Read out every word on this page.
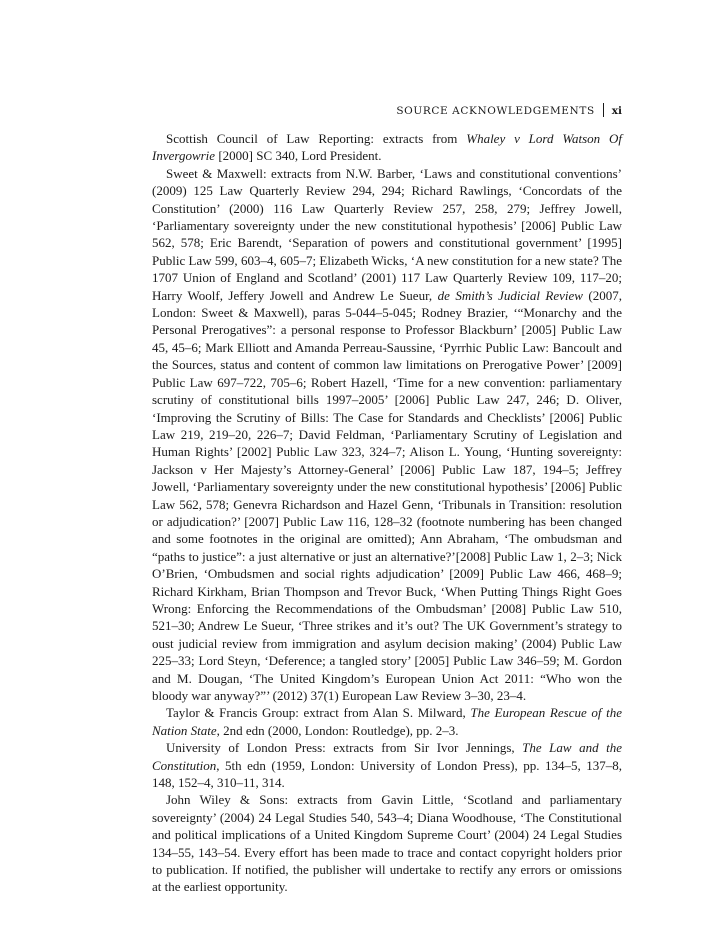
SOURCE ACKNOWLEDGEMENTS xi

Scottish Council of Law Reporting: extracts from Whaley v Lord Watson Of Invergowrie [2000] SC 340, Lord President.

Sweet & Maxwell: extracts from N.W. Barber, ‘Laws and constitutional conventions’ (2009) 125 Law Quarterly Review 294, 294; Richard Rawlings, ‘Concordats of the Constitution’ (2000) 116 Law Quarterly Review 257, 258, 279; Jeffrey Jowell, ‘Parliamentary sovereignty under the new constitutional hypothesis’ [2006] Public Law 562, 578; Eric Barendt, ‘Separation of powers and constitutional government’ [1995] Public Law 599, 603–4, 605–7; Elizabeth Wicks, ‘A new constitution for a new state? The 1707 Union of England and Scotland’ (2001) 117 Law Quarterly Review 109, 117–20; Harry Woolf, Jeffery Jowell and Andrew Le Sueur, de Smith’s Judicial Review (2007, London: Sweet & Maxwell), paras 5-044–5-045; Rodney Brazier, ‘“Monarchy and the Personal Prerogatives”: a personal response to Professor Blackburn’ [2005] Public Law 45, 45–6; Mark Elliott and Amanda Perreau-Saussine, ‘Pyrrhic Public Law: Bancoult and the Sources, status and content of common law limitations on Prerogative Power’ [2009] Public Law 697–722, 705–6; Robert Hazell, ‘Time for a new convention: parliamentary scrutiny of constitutional bills 1997–2005’ [2006] Public Law 247, 246; D. Oliver, ‘Improving the Scrutiny of Bills: The Case for Standards and Checklists’ [2006] Public Law 219, 219–20, 226–7; David Feldman, ‘Parliamentary Scrutiny of Legislation and Human Rights’ [2002] Public Law 323, 324–7; Alison L. Young, ‘Hunting sovereignty: Jackson v Her Majesty’s Attorney-General’ [2006] Public Law 187, 194–5; Jeffrey Jowell, ‘Parliamentary sovereignty under the new constitutional hypothesis’ [2006] Public Law 562, 578; Genevra Richardson and Hazel Genn, ‘Tribunals in Transition: resolution or adjudication?’ [2007] Public Law 116, 128–32 (footnote numbering has been changed and some footnotes in the original are omitted); Ann Abraham, ‘The ombudsman and “paths to justice”: a just alternative or just an alternative?’[2008] Public Law 1, 2–3; Nick O’Brien, ‘Ombudsmen and social rights adjudication’ [2009] Public Law 466, 468–9; Richard Kirkham, Brian Thompson and Trevor Buck, ‘When Putting Things Right Goes Wrong: Enforcing the Recommendations of the Ombudsman’ [2008] Public Law 510, 521–30; Andrew Le Sueur, ‘Three strikes and it’s out? The UK Government’s strategy to oust judicial review from immigration and asylum decision making’ (2004) Public Law 225–33; Lord Steyn, ‘Deference; a tangled story’ [2005] Public Law 346–59; M. Gordon and M. Dougan, ‘The United Kingdom’s European Union Act 2011: “Who won the bloody war anyway?”’ (2012) 37(1) European Law Review 3–30, 23–4.

Taylor & Francis Group: extract from Alan S. Milward, The European Rescue of the Nation State, 2nd edn (2000, London: Routledge), pp. 2–3.

University of London Press: extracts from Sir Ivor Jennings, The Law and the Constitution, 5th edn (1959, London: University of London Press), pp. 134–5, 137–8, 148, 152–4, 310–11, 314.

John Wiley & Sons: extracts from Gavin Little, ‘Scotland and parliamentary sovereignty’ (2004) 24 Legal Studies 540, 543–4; Diana Woodhouse, ‘The Constitutional and political implications of a United Kingdom Supreme Court’ (2004) 24 Legal Studies 134–55, 143–54. Every effort has been made to trace and contact copyright holders prior to publication. If notified, the publisher will undertake to rectify any errors or omissions at the earliest opportunity.
